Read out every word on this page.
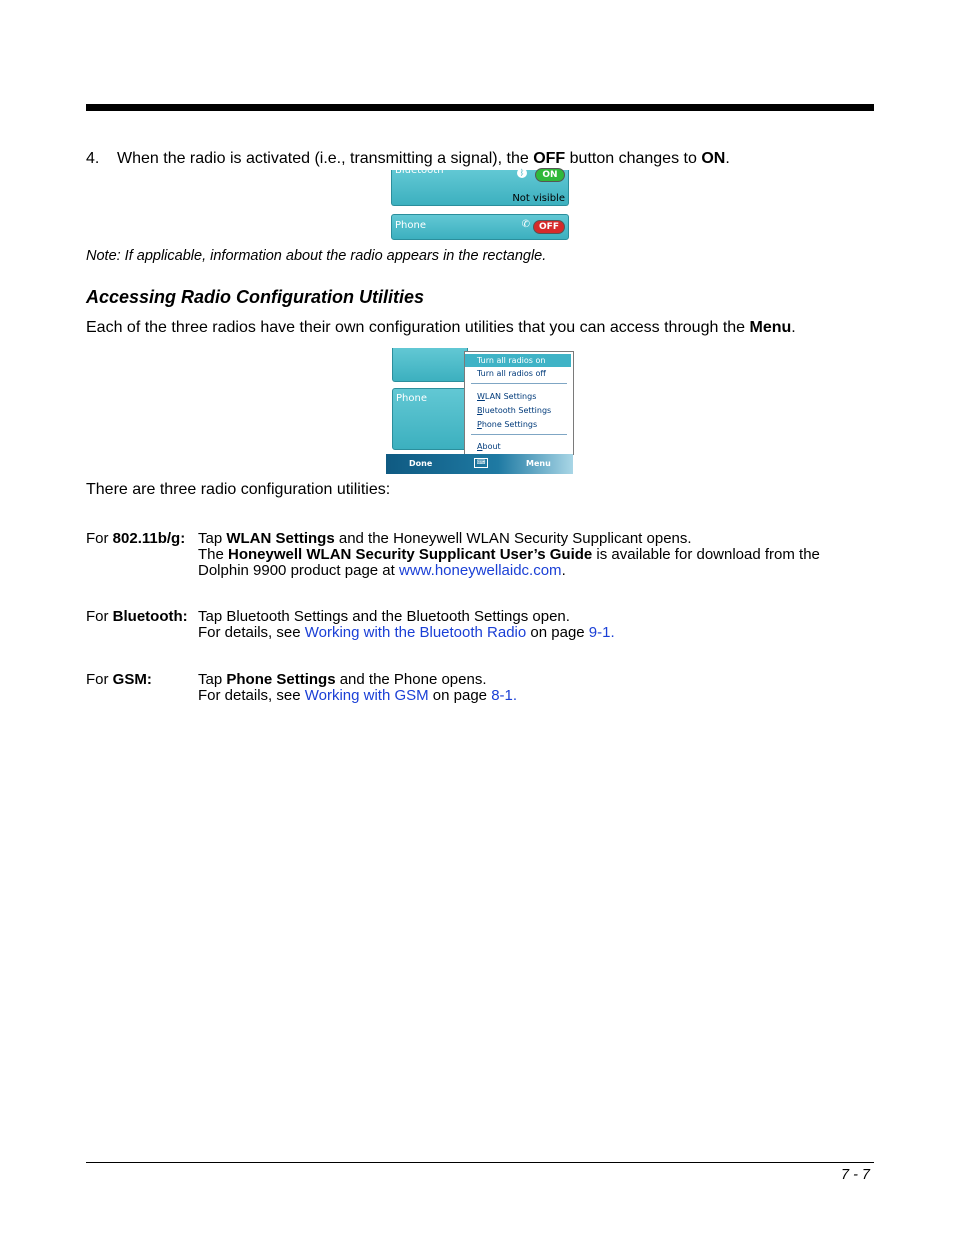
4. When the radio is activated (i.e., transmitting a signal), the OFF button changes to ON.
Bluetooth	ᛒ	ON
Not visible
Phone	✆	OFF
Note: If applicable, information about the radio appears in the rectangle.
Accessing Radio Configuration Utilities
Each of the three radios have their own configuration utilities that you can access through the Menu.
Phone
Turn all radios on
Turn all radios off
WLAN Settings
Bluetooth Settings
Phone Settings
About
Done	⌨	Menu
There are three radio configuration utilities:
For 802.11b/g: Tap WLAN Settings and the Honeywell WLAN Security Supplicant opens.
The Honeywell WLAN Security Supplicant User’s Guide is available for download from the
Dolphin 9900 product page at www.honeywellaidc.com.
For Bluetooth: Tap Bluetooth Settings and the Bluetooth Settings open.
For details, see Working with the Bluetooth Radio on page 9-1.
For GSM:	Tap Phone Settings and the Phone opens.
For details, see Working with GSM on page 8-1.
7 - 7
